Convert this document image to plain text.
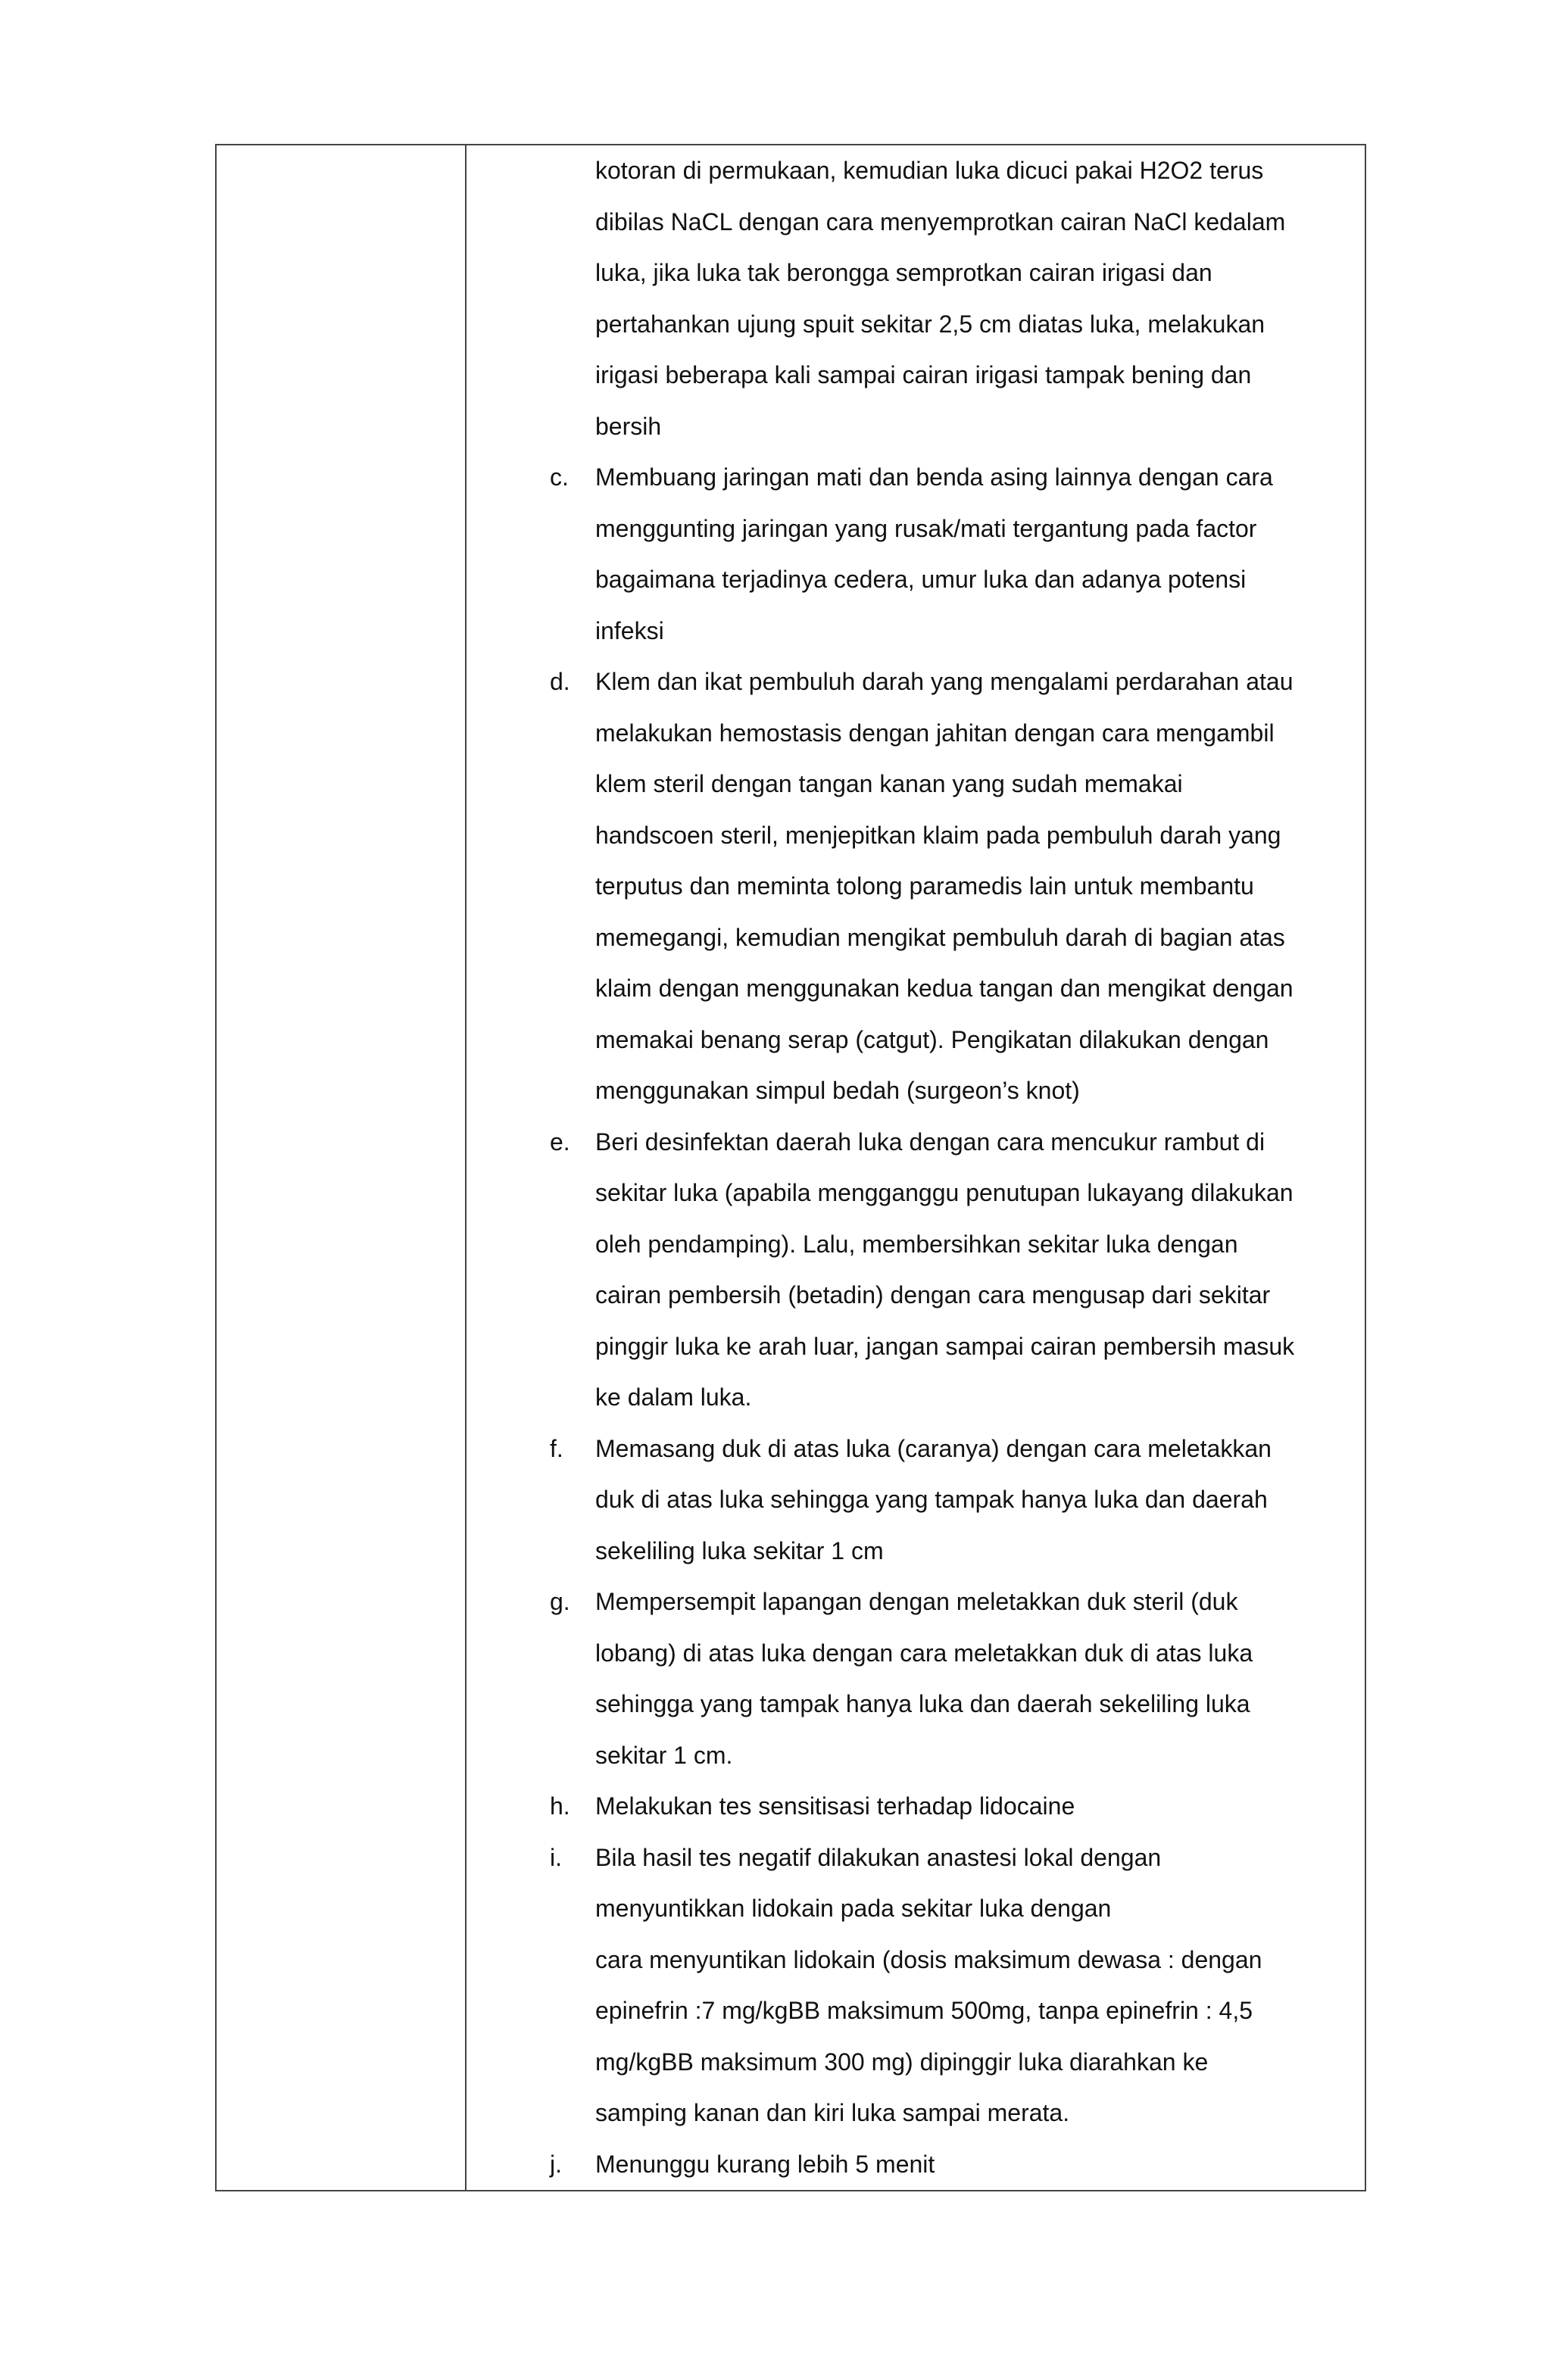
kotoran di permukaan, kemudian luka dicuci pakai H2O2 terus
dibilas NaCL dengan cara menyemprotkan cairan NaCl kedalam
luka, jika luka tak berongga semprotkan cairan irigasi dan
pertahankan ujung spuit sekitar 2,5 cm diatas luka, melakukan
irigasi beberapa kali sampai cairan irigasi tampak bening dan
bersih
c.	Membuang jaringan mati dan benda asing lainnya dengan cara
menggunting jaringan yang rusak/mati tergantung pada factor
bagaimana terjadinya cedera, umur luka dan adanya potensi
infeksi
d.	Klem dan ikat pembuluh darah yang mengalami perdarahan atau
melakukan hemostasis dengan jahitan dengan cara mengambil
klem steril dengan tangan kanan yang sudah memakai
handscoen steril, menjepitkan klaim pada pembuluh darah yang
terputus dan meminta tolong paramedis lain untuk membantu
memegangi, kemudian mengikat pembuluh darah di bagian atas
klaim dengan menggunakan kedua tangan dan mengikat dengan
memakai benang serap (catgut). Pengikatan dilakukan dengan
menggunakan simpul bedah (surgeon’s knot)
e.	Beri desinfektan daerah luka dengan cara mencukur rambut di
sekitar luka (apabila mengganggu penutupan lukayang dilakukan
oleh pendamping). Lalu, membersihkan sekitar luka dengan
cairan pembersih (betadin) dengan cara mengusap dari sekitar
pinggir luka ke arah luar, jangan sampai cairan pembersih masuk
ke dalam luka.
f.	Memasang duk di atas luka (caranya) dengan cara meletakkan
duk di atas luka sehingga yang tampak hanya luka dan daerah
sekeliling luka sekitar 1 cm
g.	Mempersempit lapangan dengan meletakkan duk steril (duk
lobang) di atas luka dengan cara meletakkan duk di atas luka
sehingga yang tampak hanya luka dan daerah sekeliling luka
sekitar 1 cm.
h.	Melakukan tes sensitisasi terhadap lidocaine
i.	Bila hasil tes negatif dilakukan anastesi lokal dengan
menyuntikkan lidokain pada sekitar luka dengan
cara menyuntikan lidokain (dosis maksimum dewasa : dengan
epinefrin :7 mg/kgBB maksimum 500mg, tanpa epinefrin : 4,5
mg/kgBB maksimum 300 mg) dipinggir luka diarahkan ke
samping kanan dan kiri luka sampai merata.
j.	Menunggu kurang lebih 5 menit
